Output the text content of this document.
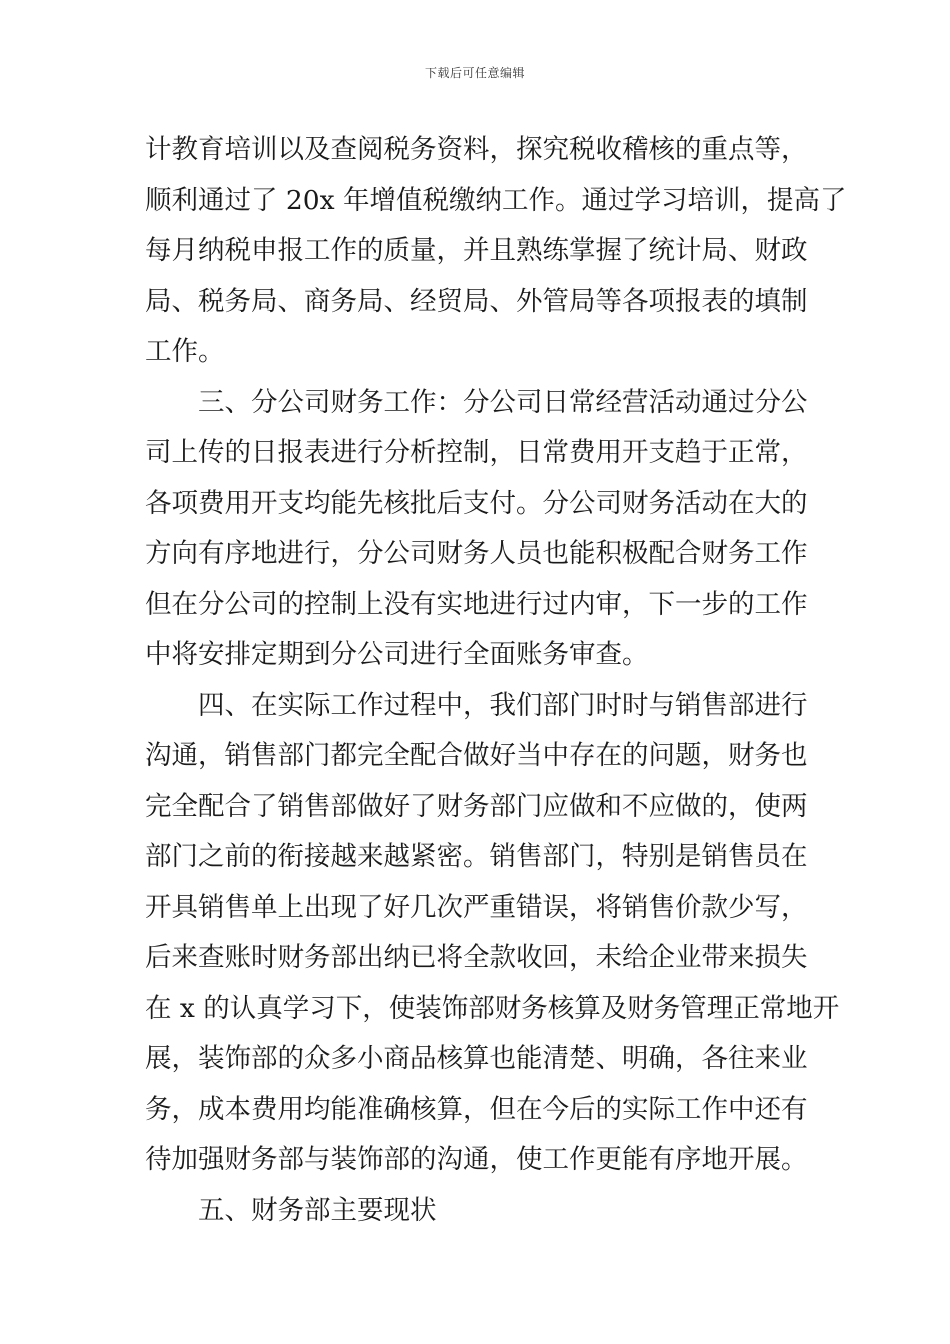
下载后可任意编辑
计教育培训以及查阅税务资料，探究税收稽核的重点等，
顺利通过了 20x 年增值税缴纳工作。通过学习培训，提高了
每月纳税申报工作的质量，并且熟练掌握了统计局、财政
局、税务局、商务局、经贸局、外管局等各项报表的填制
工作。
　　三、分公司财务工作：分公司日常经营活动通过分公
司上传的日报表进行分析控制，日常费用开支趋于正常，
各项费用开支均能先核批后支付。分公司财务活动在大的
方向有序地进行，分公司财务人员也能积极配合财务工作
但在分公司的控制上没有实地进行过内审，下一步的工作
中将安排定期到分公司进行全面账务审查。
　　四、在实际工作过程中，我们部门时时与销售部进行
沟通，销售部门都完全配合做好当中存在的问题，财务也
完全配合了销售部做好了财务部门应做和不应做的，使两
部门之前的衔接越来越紧密。销售部门，特别是销售员在
开具销售单上出现了好几次严重错误，将销售价款少写，
后来查账时财务部出纳已将全款收回，未给企业带来损失
在 x 的认真学习下，使装饰部财务核算及财务管理正常地开
展，装饰部的众多小商品核算也能清楚、明确，各往来业
务，成本费用均能准确核算，但在今后的实际工作中还有
待加强财务部与装饰部的沟通，使工作更能有序地开展。
　　五、财务部主要现状
